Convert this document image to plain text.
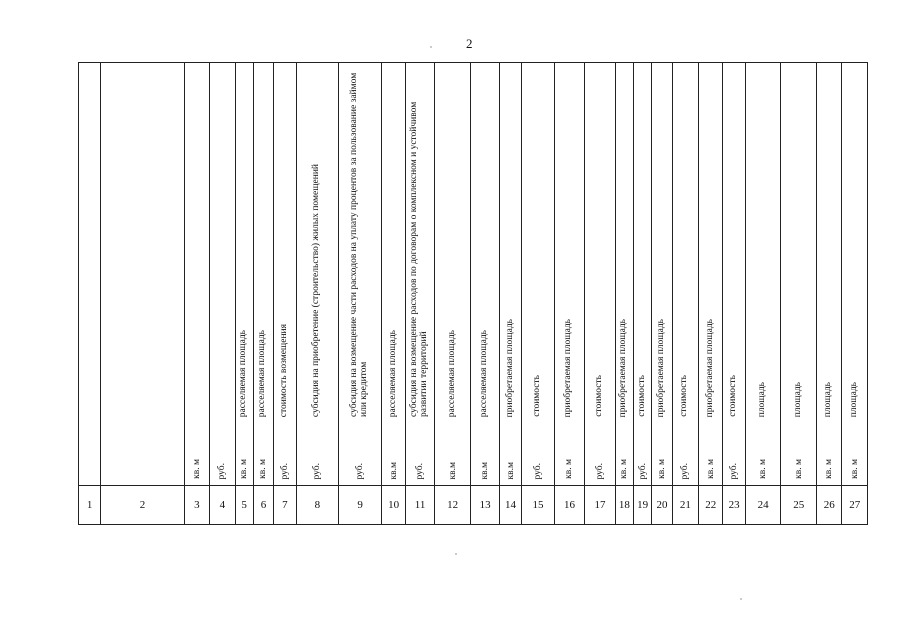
2

				расселяемая площадь	расселяемая площадь	стоимость возмещения	субсидия на приобретение (строительство) жилых помещений	субсидия на возмещение части расходов на уплату процентов за пользование займом или кредитом	расселяемая площадь	субсидия на возмещение расходов по договорам о комплексном и устойчивом развитии территорий	расселяемая площадь	расселяемая площадь	приобретаемая площадь	стоимость	приобретаемая площадь	стоимость	приобретаемая площадь	стоимость	приобретаемая площадь	стоимость	приобретаемая площадь	стоимость	площадь	площадь	площадь	площадь

		кв. м	руб.	кв. м	кв. м	руб.	руб.	руб.	кв.м	руб.	кв.м	кв.м	кв.м	руб.	кв. м	руб.	кв. м	руб.	кв. м	руб.	кв. м	руб.	кв. м	кв. м	кв. м	кв. м

1	2	3	4	5	6	7	8	9	10	11	12	13	14	15	16	17	18	19	20	21	22	23	24	25	26	27
